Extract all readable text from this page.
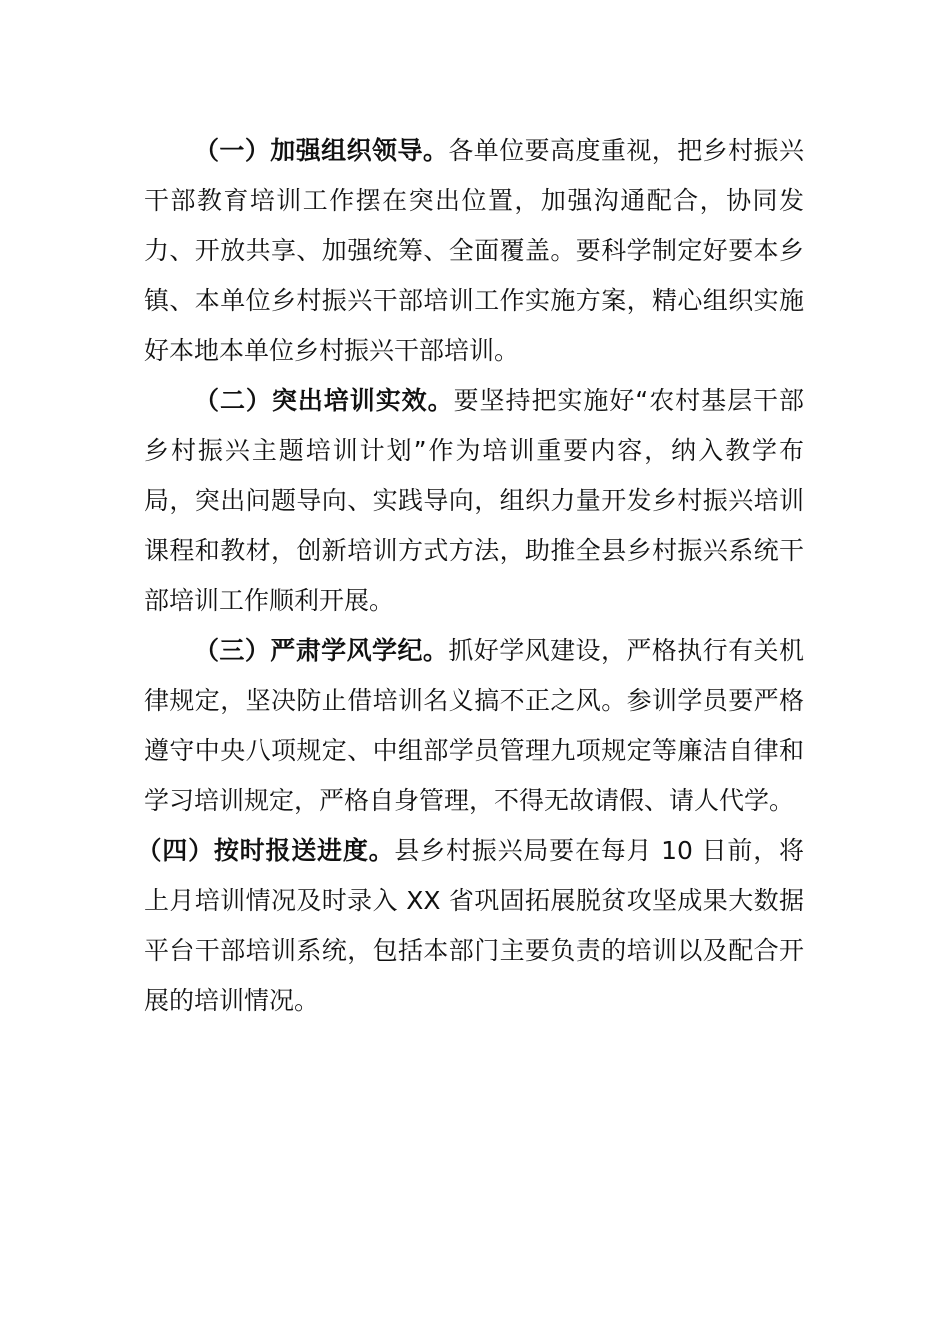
（一）加强组织领导。各单位要高度重视，把乡村振兴干部教育培训工作摆在突出位置，加强沟通配合，协同发力、开放共享、加强统筹、全面覆盖。要科学制定好要本乡镇、本单位乡村振兴干部培训工作实施方案，精心组织实施好本地本单位乡村振兴干部培训。

（二）突出培训实效。要坚持把实施好“农村基层干部乡村振兴主题培训计划”作为培训重要内容，纳入教学布局，突出问题导向、实践导向，组织力量开发乡村振兴培训课程和教材，创新培训方式方法，助推全县乡村振兴系统干部培训工作顺利开展。

（三）严肃学风学纪。抓好学风建设，严格执行有关机律规定，坚决防止借培训名义搞不正之风。参训学员要严格遵守中央八项规定、中组部学员管理九项规定等廉洁自律和学习培训规定，严格自身管理，不得无故请假、请人代学。

（四）按时报送进度。县乡村振兴局要在每月 10 日前，将上月培训情况及时录入 XX 省巩固拓展脱贫攻坚成果大数据平台干部培训系统，包括本部门主要负责的培训以及配合开展的培训情况。
